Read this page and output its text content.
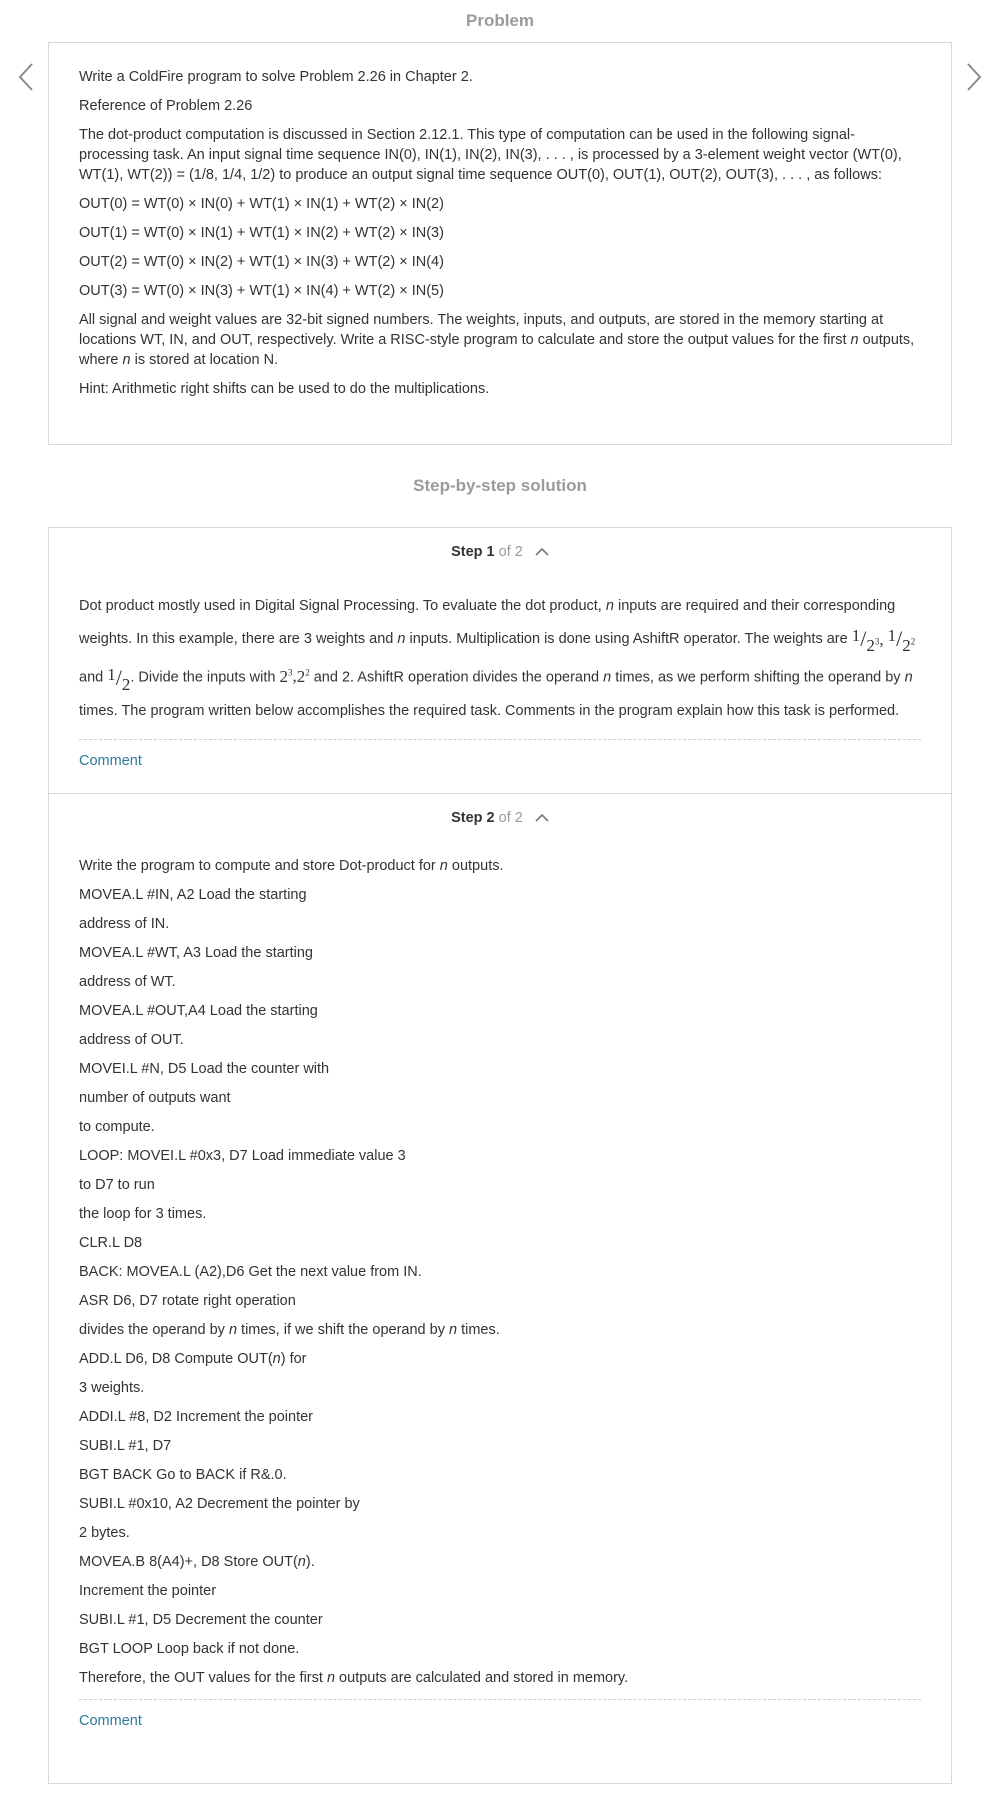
Problem

Write a ColdFire program to solve Problem 2.26 in Chapter 2.

Reference of Problem 2.26

The dot-product computation is discussed in Section 2.12.1. This type of computation can be used in the following signal-processing task. An input signal time sequence IN(0), IN(1), IN(2), IN(3), . . . , is processed by a 3-element weight vector (WT(0), WT(1), WT(2)) = (1/8, 1/4, 1/2) to produce an output signal time sequence OUT(0), OUT(1), OUT(2), OUT(3), . . . , as follows:

OUT(0) = WT(0) × IN(0) + WT(1) × IN(1) + WT(2) × IN(2)

OUT(1) = WT(0) × IN(1) + WT(1) × IN(2) + WT(2) × IN(3)

OUT(2) = WT(0) × IN(2) + WT(1) × IN(3) + WT(2) × IN(4)

OUT(3) = WT(0) × IN(3) + WT(1) × IN(4) + WT(2) × IN(5)

All signal and weight values are 32-bit signed numbers. The weights, inputs, and outputs, are stored in the memory starting at locations WT, IN, and OUT, respectively. Write a RISC-style program to calculate and store the output values for the first n outputs, where n is stored at location N.

Hint: Arithmetic right shifts can be used to do the multiplications.

Step-by-step solution
Step 1 of 2

Dot product mostly used in Digital Signal Processing. To evaluate the dot product, n inputs are required and their corresponding weights. In this example, there are 3 weights and n inputs. Multiplication is done using AshiftR operator. The weights are $1/2^3$, $1/2^2$ and 1/2. Divide the inputs with $2^3,2^2$ and 2. AshiftR operation divides the operand n times, as we perform shifting the operand by n times. The program written below accomplishes the required task. Comments in the program explain how this task is performed.

Comment
Step 2 of 2

Write the program to compute and store Dot-product for n outputs.

MOVEA.L #IN, A2 Load the starting

address of IN.

MOVEA.L #WT, A3 Load the starting

address of WT.

MOVEA.L #OUT,A4 Load the starting

address of OUT.

MOVEI.L #N, D5 Load the counter with

number of outputs want

to compute.

LOOP: MOVEI.L #0x3, D7 Load immediate value 3

to D7 to run

the loop for 3 times.

CLR.L D8

BACK: MOVEA.L (A2),D6 Get the next value from IN.

ASR D6, D7 rotate right operation

divides the operand by n times, if we shift the operand by n times.

ADD.L D6, D8 Compute OUT(n) for

3 weights.

ADDI.L #8, D2 Increment the pointer

SUBI.L #1, D7

BGT BACK Go to BACK if R&.0.

SUBI.L #0x10, A2 Decrement the pointer by

2 bytes.

MOVEA.B 8(A4)+, D8 Store OUT(n).

Increment the pointer

SUBI.L #1, D5 Decrement the counter

BGT LOOP Loop back if not done.

Therefore, the OUT values for the first n outputs are calculated and stored in memory.

Comment
